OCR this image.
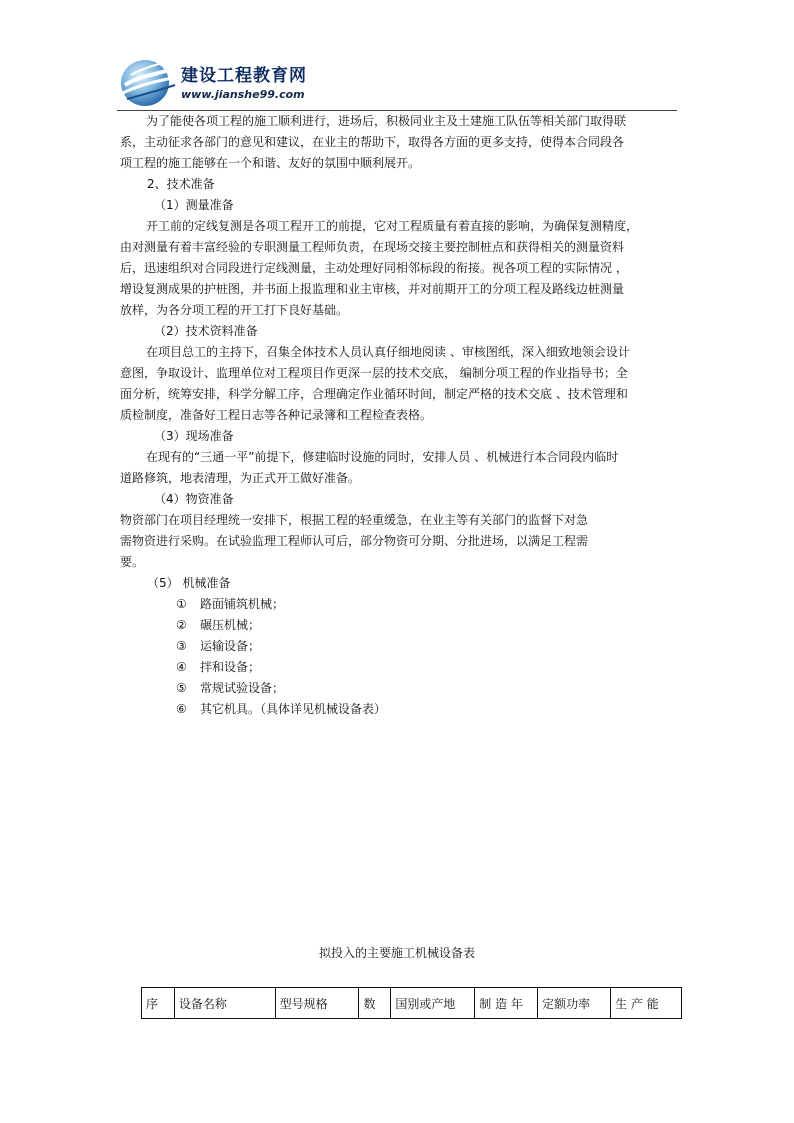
建设工程教育网
www.jianshe99.com

为了能使各项工程的施工顺利进行，进场后，积极同业主及土建施工队伍等相关部门取得联

系，主动征求各部门的意见和建议，在业主的帮助下，取得各方面的更多支持，使得本合同段各

项工程的施工能够在一个和谐、友好的氛围中顺利展开。

2、技术准备

（1）测量准备

开工前的定线复测是各项工程开工的前提，它对工程质量有着直接的影响，为确保复测精度，

由对测量有着丰富经验的专职测量工程师负责，在现场交接主要控制桩点和获得相关的测量资料

后，迅速组织对合同段进行定线测量，主动处理好同相邻标段的衔接。视各项工程的实际情况 ，

增设复测成果的护桩图，并书面上报监理和业主审核，并对前期开工的分项工程及路线边桩测量

放样，为各分项工程的开工打下良好基础。

（2）技术资料准备

在项目总工的主持下，召集全体技术人员认真仔细地阅读 、审核图纸，深入细致地领会设计

意图，争取设计、监理单位对工程项目作更深一层的技术交底， 编制分项工程的作业指导书；全

面分析，统筹安排，科学分解工序，合理确定作业循环时间，制定严格的技术交底 、技术管理和

质检制度，准备好工程日志等各种记录簿和工程检查表格。

（3）现场准备

在现有的“三通一平”前提下，修建临时设施的同时，安排人员 、机械进行本合同段内临时

道路修筑，地表清理，为正式开工做好准备。

（4）物资准备

物资部门在项目经理统一安排下，根据工程的轻重缓急，在业主等有关部门的监督下对急

需物资进行采购。在试验监理工程师认可后，部分物资可分期、分批进场，以满足工程需

要。

（5） 机械准备

① 路面铺筑机械；

② 碾压机械；

③ 运输设备；

④ 拌和设备；

⑤ 常规试验设备；

⑥ 其它机具。（具体详见机械设备表）

拟投入的主要施工机械设备表
序	设备名称	型号规格	数	国别或产地	制 造 年	定额功率	生 产 能
